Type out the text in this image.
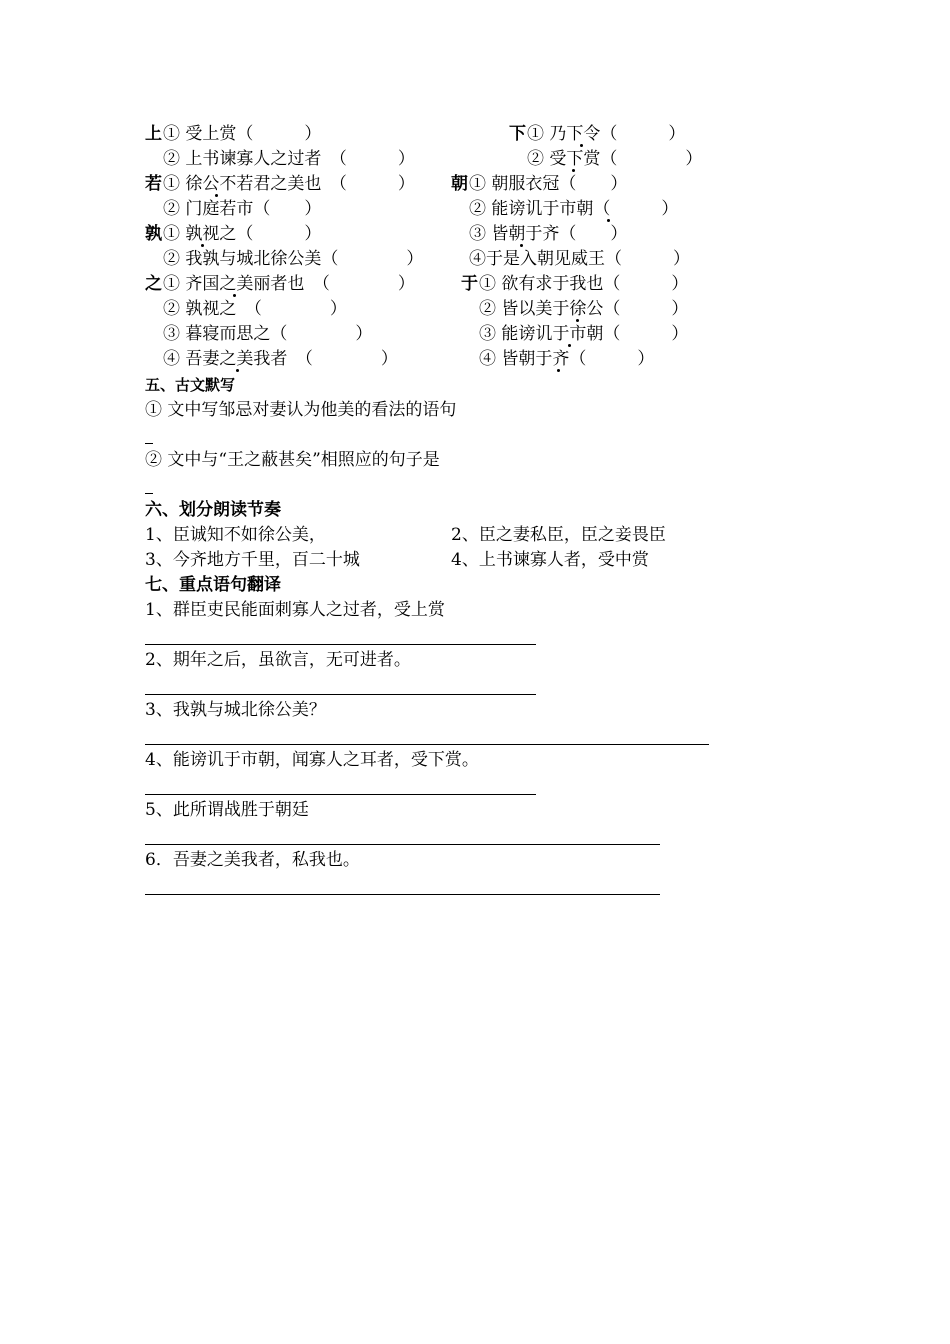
上 ① 受上赏（　　　）
② 上书谏寡人之过者　（　　　）
若 ① 徐公不若君之美也　（　　　）
② 门庭若市（　　）
孰 ① 孰视之（　　　）
② 我孰与城北徐公美（　　　　）
之 ① 齐国之美丽者也　（　　　　）
② 孰视之　（　　　　）
③ 暮寝而思之（　　　　）
④ 吾妻之美我者　（　　　　）
下 ① 乃下令（　　　）
② 受下赏（　　　　）
朝 ① 朝服衣冠（　　）
② 能谤讥于市朝（　　　）
③ 皆朝于齐（　　）
④于是入朝见威王（　　　）
于 ① 欲有求于我也（　　　）
② 皆以美于徐公（　　　）
③ 能谤讥于市朝（　　　）
④ 皆朝于齐（　　　）
五、古文默写
① 文中写邹忌对妻认为他美的看法的语句
② 文中与“王之蔽甚矣”相照应的句子是
六、划分朗读节奏
1、臣诚知不如徐公美，	2、臣之妻私臣，臣之妾畏臣
3、今齐地方千里，百二十城	4、上书谏寡人者，受中赏
七、重点语句翻译
1、群臣吏民能面刺寡人之过者，受上赏
2、期年之后，虽欲言，无可进者。
3、我孰与城北徐公美？
4、能谤讥于市朝，闻寡人之耳者，受下赏。
5、此所谓战胜于朝廷
6．吾妻之美我者，私我也。
